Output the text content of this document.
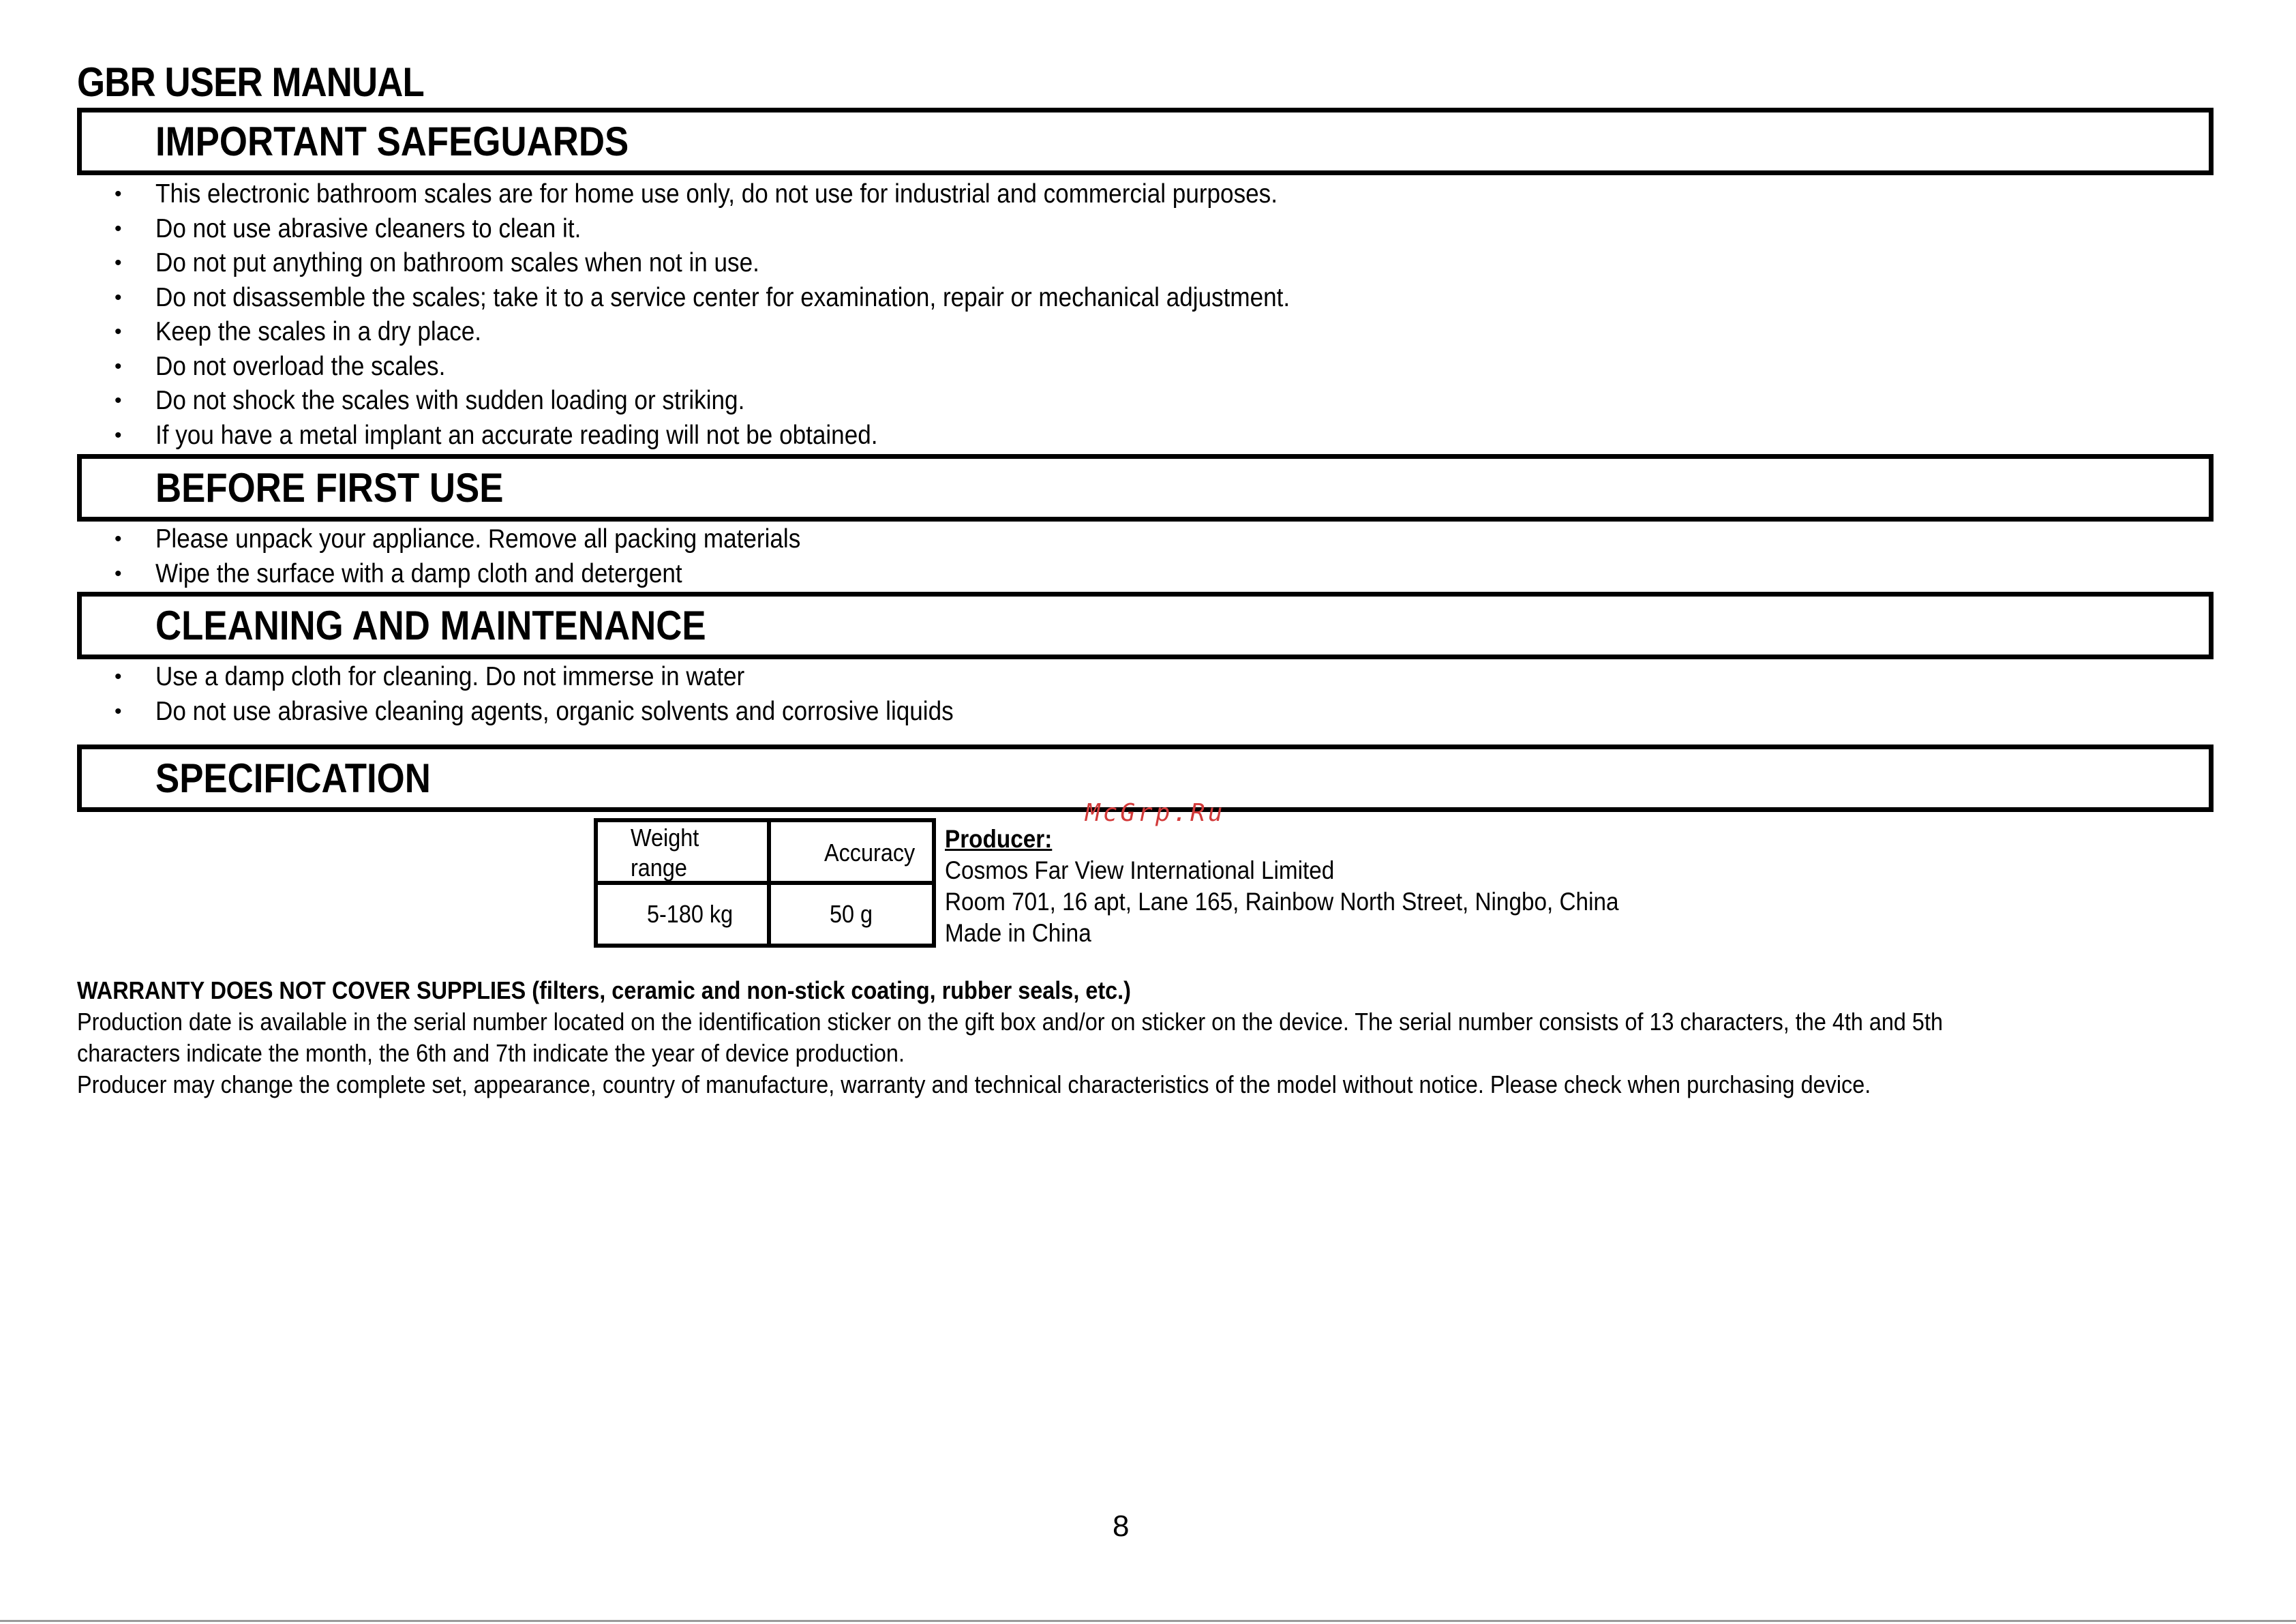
GBR USER MANUAL
IMPORTANT SAFEGUARDS
• This electronic bathroom scales are for home use only, do not use for industrial and commercial purposes.
• Do not use abrasive cleaners to clean it.
• Do not put anything on bathroom scales when not in use.
• Do not disassemble the scales; take it to a service center for examination, repair or mechanical adjustment.
• Keep the scales in a dry place.
• Do not overload the scales.
• Do not shock the scales with sudden loading or striking.
• If you have a metal implant an accurate reading will not be obtained.
BEFORE FIRST USE
• Please unpack your appliance. Remove all packing materials
• Wipe the surface with a damp cloth and detergent
CLEANING AND MAINTENANCE
• Use a damp cloth for cleaning. Do not immerse in water
• Do not use abrasive cleaning agents, organic solvents and corrosive liquids
SPECIFICATION
McGrp.Ru
Weight
range	Accuracy

5-180 kg	50 g
Producer:
Cosmos Far View International Limited
Room 701, 16 apt, Lane 165, Rainbow North Street, Ningbo, China
Made in China

WARRANTY DOES NOT COVER SUPPLIES (filters, ceramic and non-stick coating, rubber seals, etc.)

Production date is available in the serial number located on the identification sticker on the gift box and/or on sticker on the device. The serial number consists of 13 characters, the 4th and 5th characters indicate the month, the 6th and 7th indicate the year of device production.

Producer may change the complete set, appearance, country of manufacture, warranty and technical characteristics of the model without notice. Please check when purchasing device.

8
